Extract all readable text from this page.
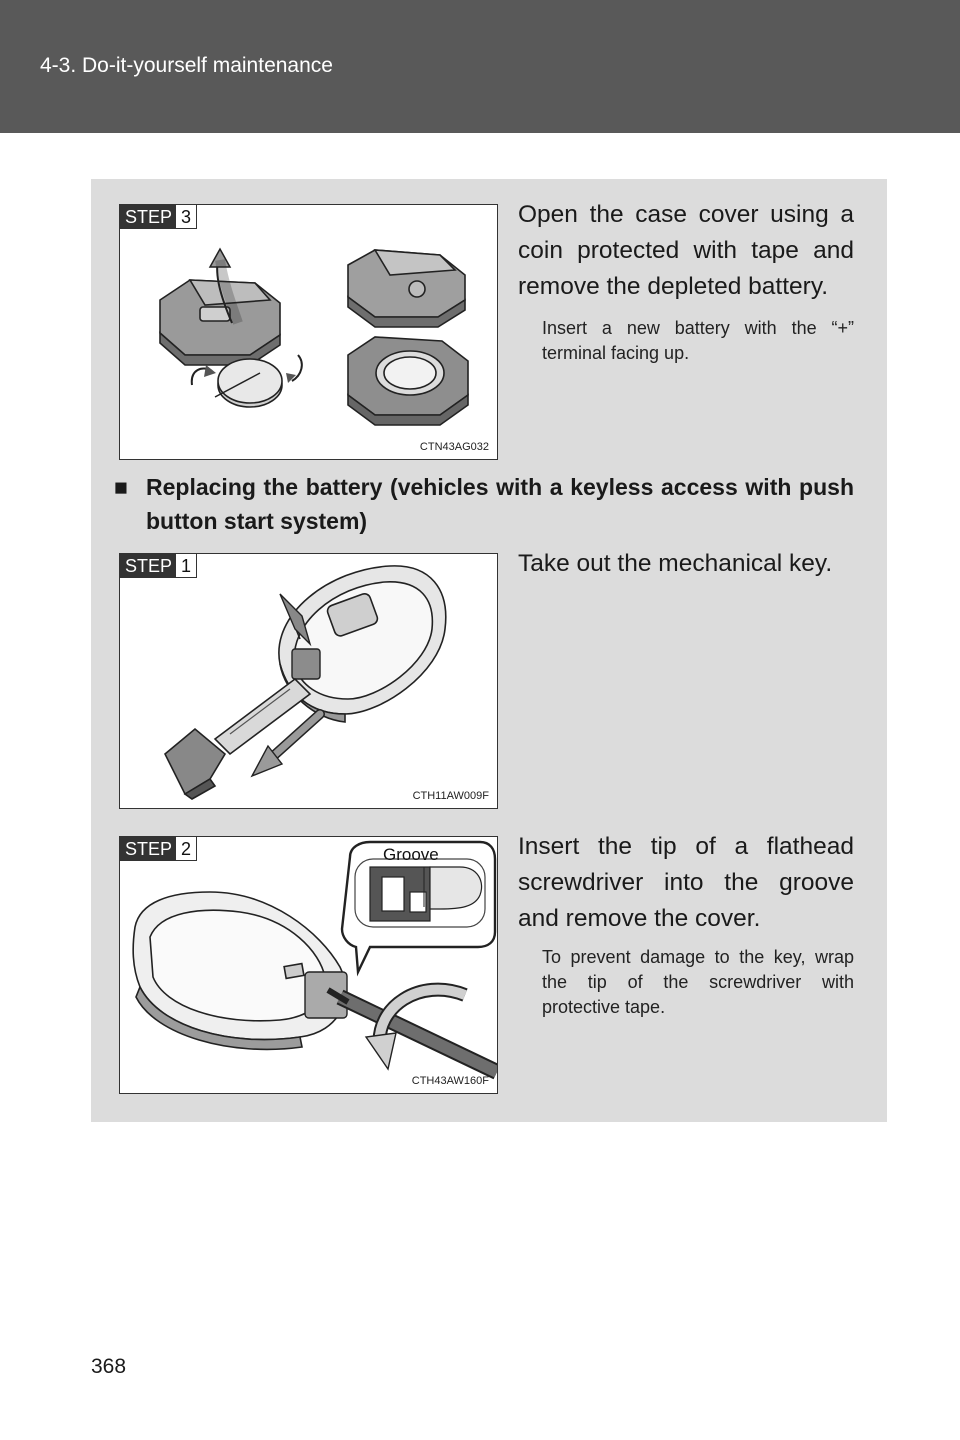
4-3. Do-it-yourself maintenance
STEP 3
CTN43AG032
Open the case cover using a coin protected with tape and remove the depleted battery.
Insert a new battery with the “+” terminal facing up.
■ Replacing the battery (vehicles with a keyless access with push button start system)
STEP 1
CTH11AW009F
Take out the mechanical key.
STEP 2	Groove
CTH43AW160F
Insert the tip of a flathead screwdriver into the groove and remove the cover.
To prevent damage to the key, wrap the tip of the screwdriver with protective tape.
368
